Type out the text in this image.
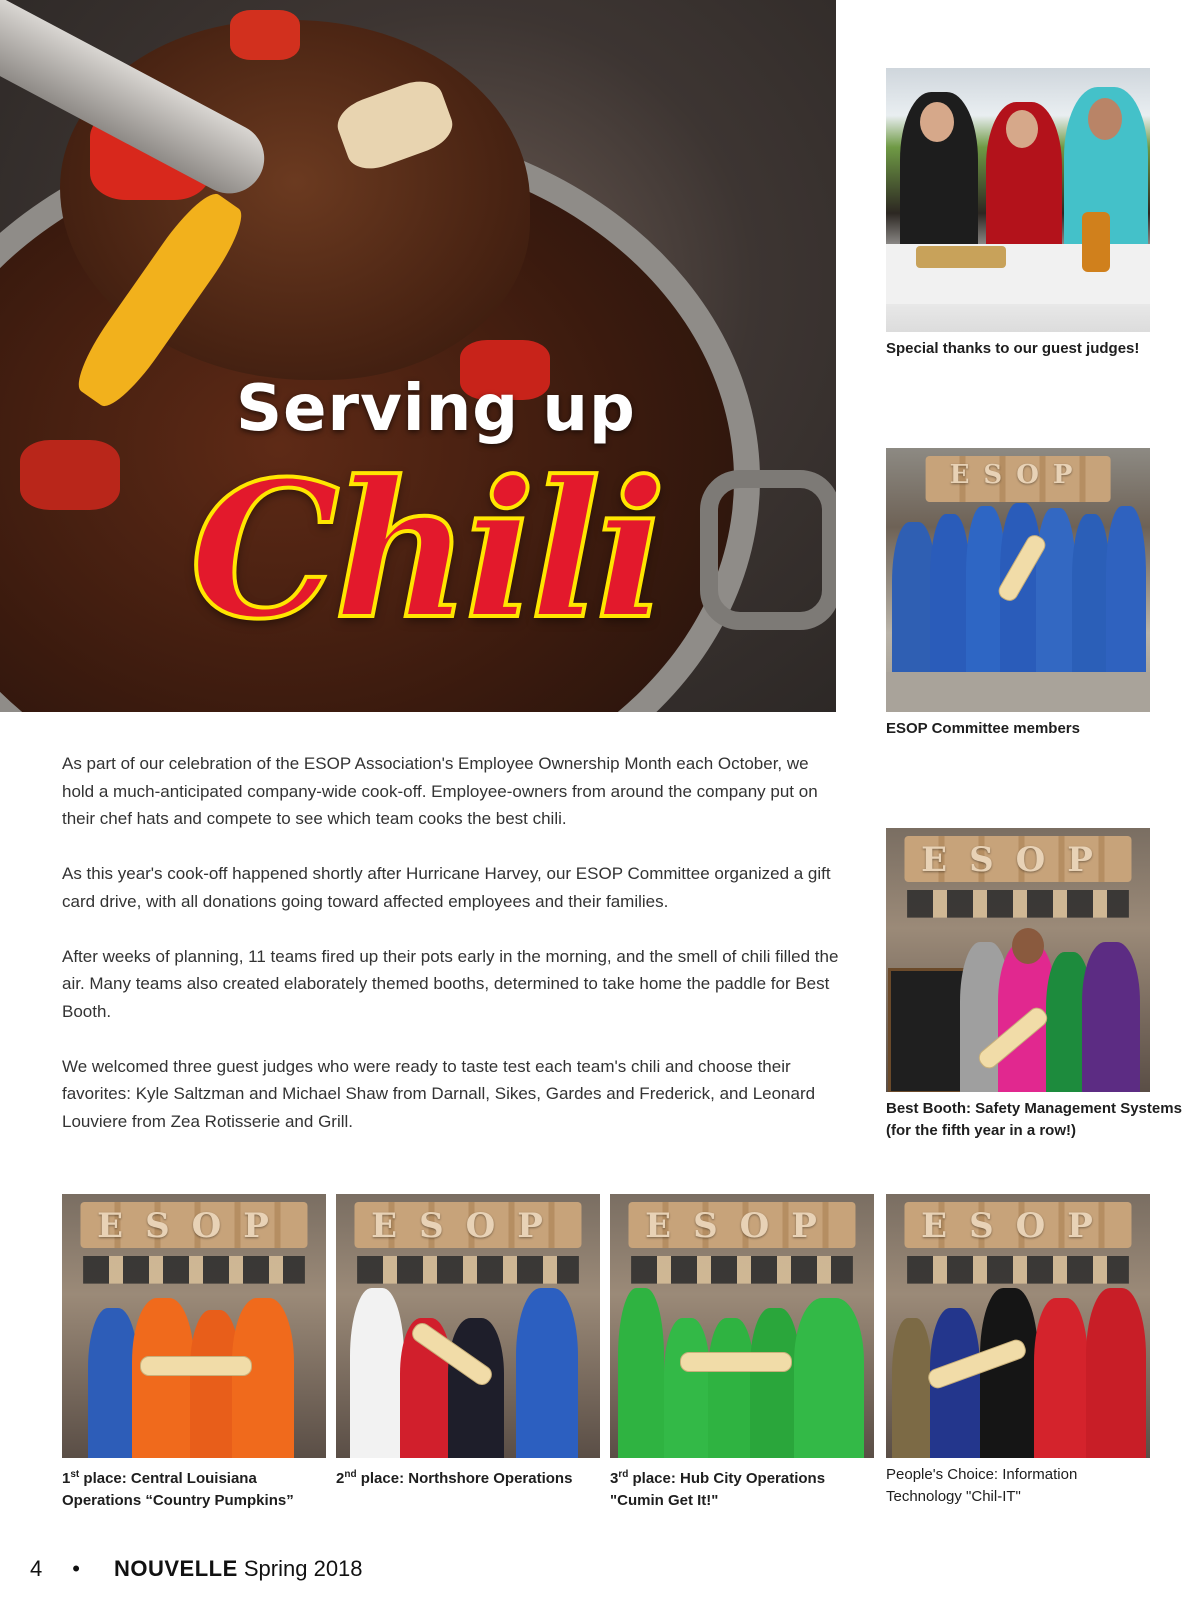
Serving up
Chili
Special thanks to our guest judges!
ESOP
ESOP Committee members
ESOP
Best Booth: Safety Management Systems (for the fifth year in a row!)

As part of our celebration of the ESOP Association's Employee Ownership Month each October, we hold a much-anticipated company-wide cook-off. Employee-owners from around the company put on their chef hats and compete to see which team cooks the best chili.

As this year's cook-off happened shortly after Hurricane Harvey, our ESOP Committee organized a gift card drive, with all donations going toward affected employees and their families.

After weeks of planning, 11 teams fired up their pots early in the morning, and the smell of chili filled the air. Many teams also created elaborately themed booths, determined to take home the paddle for Best Booth.

We welcomed three guest judges who were ready to taste test each team's chili and choose their favorites: Kyle Saltzman and Michael Shaw from Darnall, Sikes, Gardes and Frederick, and Leonard Louviere from Zea Rotisserie and Grill.

ESOP	ESOP	ESOP	ESOP
1st place: Central Louisiana Operations “Country Pumpkins”
2nd place: Northshore Operations	3rd place: Hub City Operations "Cumin Get It!"
People's Choice: Information Technology "Chil-IT"
4 • NOUVELLE Spring 2018
